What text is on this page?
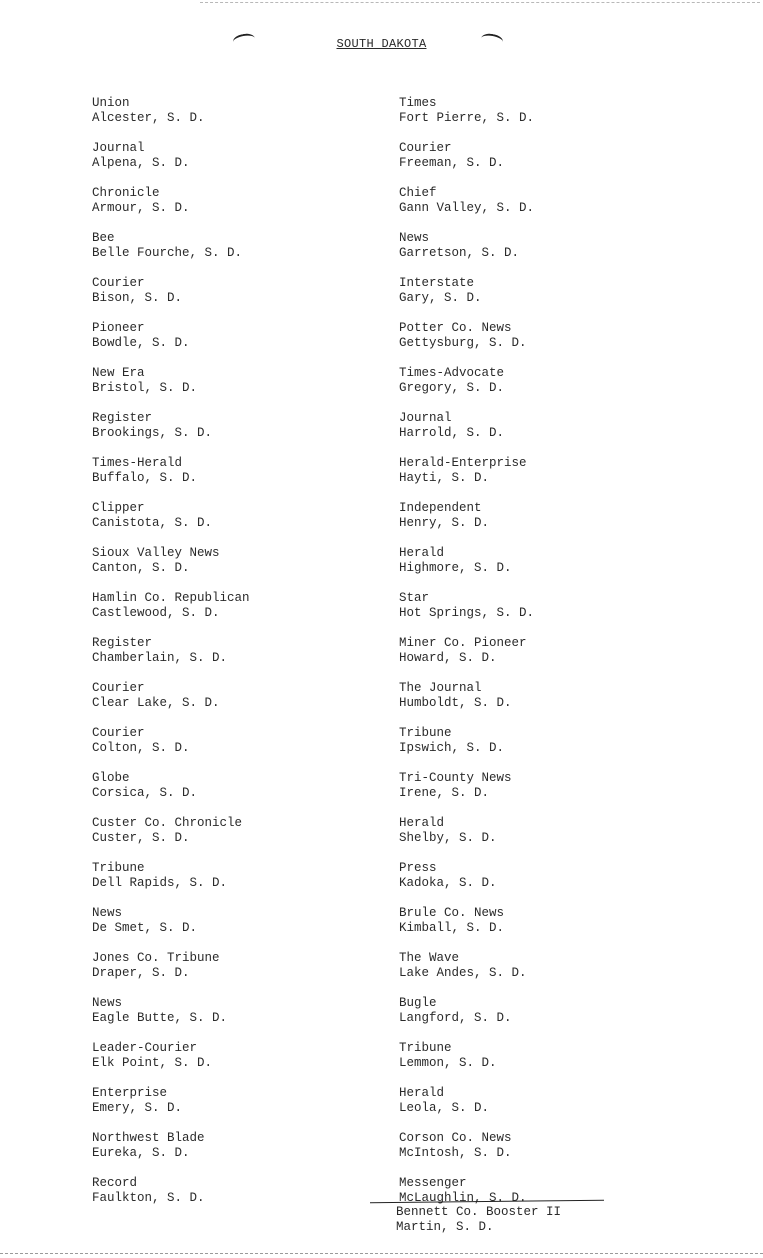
SOUTH DAKOTA
Union
Alcester, S. D.
Journal
Alpena, S. D.
Chronicle
Armour, S. D.
Bee
Belle Fourche, S. D.
Courier
Bison, S. D.
Pioneer
Bowdle, S. D.
New Era
Bristol, S. D.
Register
Brookings, S. D.
Times-Herald
Buffalo, S. D.
Clipper
Canistota, S. D.
Sioux Valley News
Canton, S. D.
Hamlin Co. Republican
Castlewood, S. D.
Register
Chamberlain, S. D.
Courier
Clear Lake, S. D.
Courier
Colton, S. D.
Globe
Corsica, S. D.
Custer Co. Chronicle
Custer, S. D.
Tribune
Dell Rapids, S. D.
News
De Smet, S. D.
Jones Co. Tribune
Draper, S. D.
News
Eagle Butte, S. D.
Leader-Courier
Elk Point, S. D.
Enterprise
Emery, S. D.
Northwest Blade
Eureka, S. D.
Record
Faulkton, S. D.
Times
Fort Pierre, S. D.
Courier
Freeman, S. D.
Chief
Gann Valley, S. D.
News
Garretson, S. D.
Interstate
Gary, S. D.
Potter Co. News
Gettysburg, S. D.
Times-Advocate
Gregory, S. D.
Journal
Harrold, S. D.
Herald-Enterprise
Hayti, S. D.
Independent
Henry, S. D.
Herald
Highmore, S. D.
Star
Hot Springs, S. D.
Miner Co. Pioneer
Howard, S. D.
The Journal
Humboldt, S. D.
Tribune
Ipswich, S. D.
Tri-County News
Irene, S. D.
Herald
Shelby, S. D.
Press
Kadoka, S. D.
Brule Co. News
Kimball, S. D.
The Wave
Lake Andes, S. D.
Bugle
Langford, S. D.
Tribune
Lemmon, S. D.
Herald
Leola, S. D.
Corson Co. News
McIntosh, S. D.
Messenger
McLaughlin, S. D.
Bennett Co. Booster II
Martin, S. D.
